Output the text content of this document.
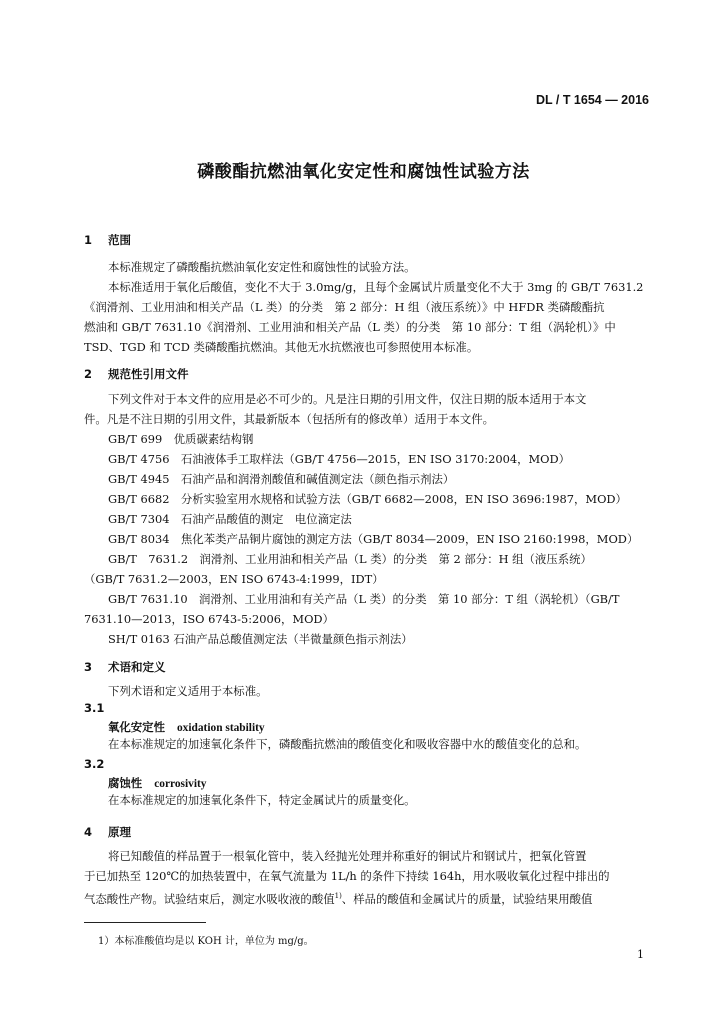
DL / T 1654 — 2016
磷酸酯抗燃油氧化安定性和腐蚀性试验方法
1 范围
本标准规定了磷酸酯抗燃油氧化安定性和腐蚀性的试验方法。
本标准适用于氧化后酸值，变化不大于 3.0mg/g，且每个金属试片质量变化不大于 3mg 的 GB/T 7631.2
《润滑剂、工业用油和相关产品（L 类）的分类　第 2 部分：H 组（液压系统）》中 HFDR 类磷酸酯抗
燃油和 GB/T 7631.10《润滑剂、工业用油和相关产品（L 类）的分类　第 10 部分：T 组（涡轮机）》中
TSD、TGD 和 TCD 类磷酸酯抗燃油。其他无水抗燃液也可参照使用本标准。
2 规范性引用文件
下列文件对于本文件的应用是必不可少的。凡是注日期的引用文件，仅注日期的版本适用于本文
件。凡是不注日期的引用文件，其最新版本（包括所有的修改单）适用于本文件。
GB/T 699　优质碳素结构钢
GB/T 4756　石油液体手工取样法（GB/T 4756—2015，EN ISO 3170:2004，MOD）
GB/T 4945　石油产品和润滑剂酸值和碱值测定法（颜色指示剂法）
GB/T 6682　分析实验室用水规格和试验方法（GB/T 6682—2008，EN ISO 3696:1987，MOD）
GB/T 7304　石油产品酸值的测定　电位滴定法
GB/T 8034　焦化苯类产品铜片腐蚀的测定方法（GB/T 8034—2009，EN ISO 2160:1998，MOD）
GB/T　7631.2　润滑剂、工业用油和相关产品（L 类）的分类　第 2 部分：H 组（液压系统）
（GB/T 7631.2—2003，EN ISO 6743-4:1999，IDT）
GB/T 7631.10　润滑剂、工业用油和有关产品（L 类）的分类　第 10 部分：T 组（涡轮机）（GB/T
7631.10—2013，ISO 6743-5:2006，MOD）
SH/T 0163 石油产品总酸值测定法（半微量颜色指示剂法）
3 术语和定义
下列术语和定义适用于本标准。
3.1
氧化安定性 oxidation stability
在本标准规定的加速氧化条件下，磷酸酯抗燃油的酸值变化和吸收容器中水的酸值变化的总和。
3.2
腐蚀性 corrosivity
在本标准规定的加速氧化条件下，特定金属试片的质量变化。
4 原理
将已知酸值的样品置于一根氧化管中，装入经抛光处理并称重好的铜试片和钢试片，把氧化管置
于已加热至 120℃的加热装置中，在氧气流量为 1L/h 的条件下持续 164h，用水吸收氧化过程中排出的
气态酸性产物。试验结束后，测定水吸收液的酸值$^{1)}$、样品的酸值和金属试片的质量，试验结果用酸值
1）本标准酸值均是以 KOH 计，单位为 mg/g。
1
